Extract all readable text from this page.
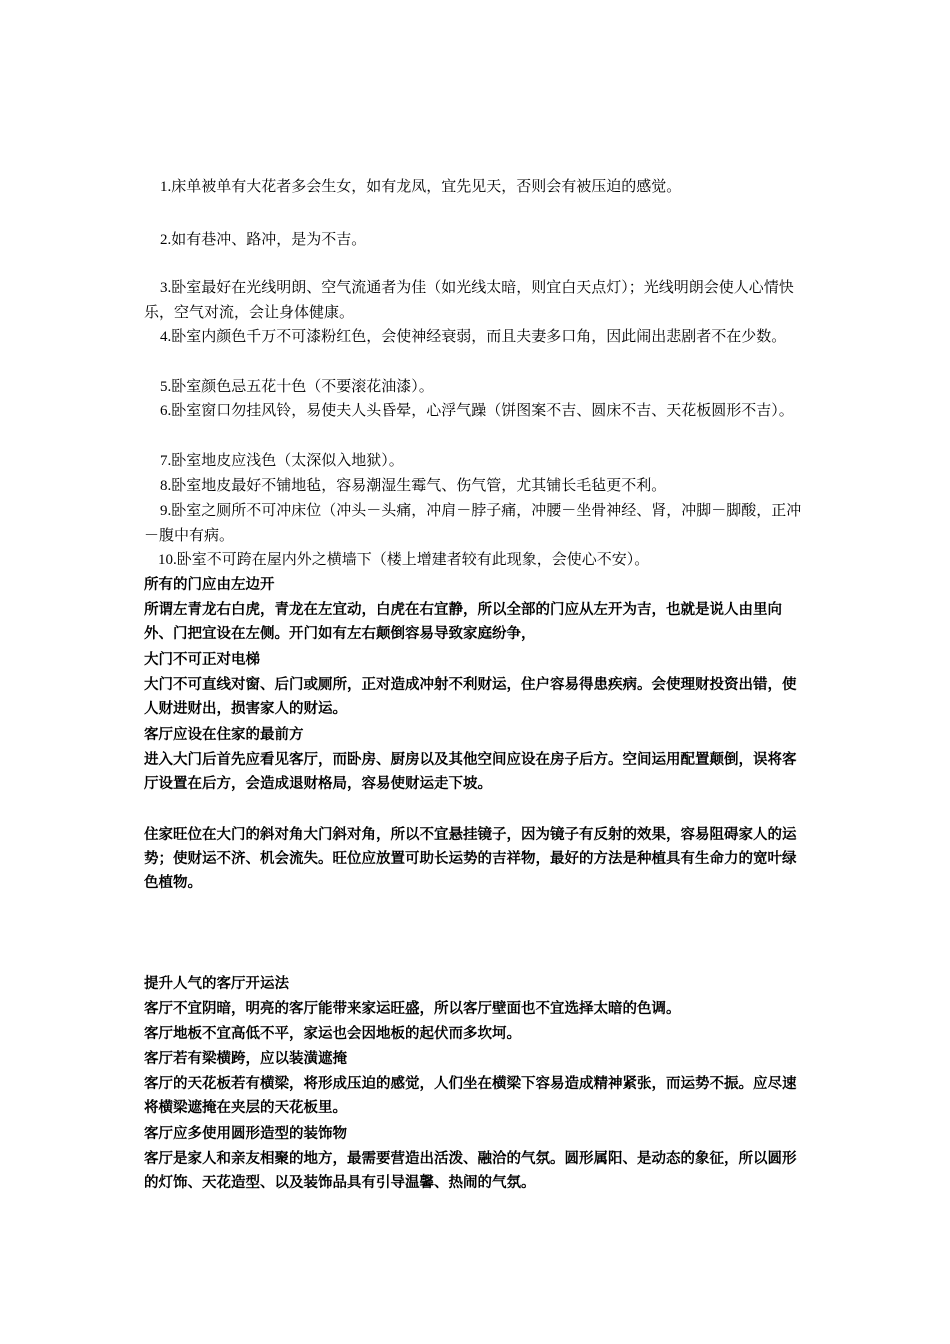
1.床单被单有大花者多会生女，如有龙凤，宜先见天，否则会有被压迫的感觉。

2.如有巷冲、路冲，是为不吉。

3.卧室最好在光线明朗、空气流通者为佳（如光线太暗，则宜白天点灯）；光线明朗会使人心情快乐，空气对流，会让身体健康。

4.卧室内颜色千万不可漆粉红色，会使神经衰弱，而且夫妻多口角，因此闹出悲剧者不在少数。

5.卧室颜色忌五花十色（不要滚花油漆）。

6.卧室窗口勿挂风铃，易使夫人头昏晕，心浮气躁（饼图案不吉、圆床不吉、天花板圆形不吉）。

7.卧室地皮应浅色（太深似入地狱）。

8.卧室地皮最好不铺地毡，容易潮湿生霉气、伤气管，尤其铺长毛毡更不利。

9.卧室之厕所不可冲床位（冲头－头痛，冲肩－脖子痛，冲腰－坐骨神经、肾，冲脚－脚酸，正冲－腹中有病。

10.卧室不可跨在屋内外之横墙下（楼上增建者较有此现象，会使心不安）。

所有的门应由左边开

所谓左青龙右白虎，青龙在左宜动，白虎在右宜静，所以全部的门应从左开为吉，也就是说人由里向外、门把宜设在左侧。开门如有左右颠倒容易导致家庭纷争，

大门不可正对电梯

大门不可直线对窗、后门或厕所，正对造成冲射不利财运，住户容易得患疾病。会使理财投资出错，使人财进财出，损害家人的财运。

客厅应设在住家的最前方

进入大门后首先应看见客厅，而卧房、厨房以及其他空间应设在房子后方。空间运用配置颠倒，误将客厅设置在后方，会造成退财格局，容易使财运走下坡。

住家旺位在大门的斜对角大门斜对角，所以不宜悬挂镜子，因为镜子有反射的效果，容易阻碍家人的运势；使财运不济、机会流失。旺位应放置可助长运势的吉祥物，最好的方法是种植具有生命力的宽叶绿色植物。

提升人气的客厅开运法

客厅不宜阴暗，明亮的客厅能带来家运旺盛，所以客厅壁面也不宜选择太暗的色调。

客厅地板不宜高低不平，家运也会因地板的起伏而多坎坷。

客厅若有梁横跨，应以装潢遮掩

客厅的天花板若有横梁，将形成压迫的感觉，人们坐在横梁下容易造成精神紧张，而运势不振。应尽速将横梁遮掩在夹层的天花板里。

客厅应多使用圆形造型的装饰物

客厅是家人和亲友相聚的地方，最需要营造出活泼、融洽的气氛。圆形属阳、是动态的象征，所以圆形的灯饰、天花造型、以及装饰品具有引导温馨、热闹的气氛。
